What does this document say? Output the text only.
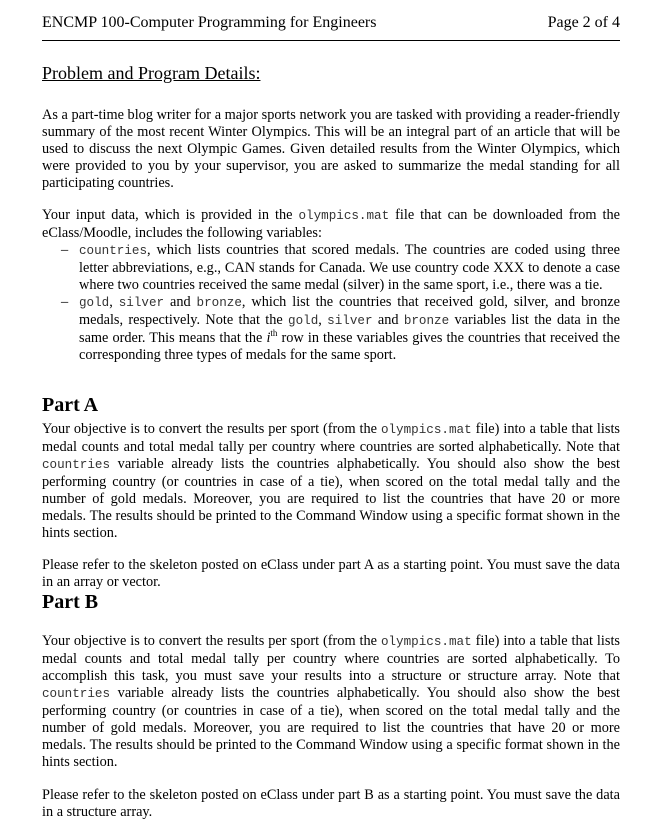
ENCMP 100-Computer Programming for Engineers	Page 2 of 4
Problem and Program Details:

As a part-time blog writer for a major sports network you are tasked with providing a reader-friendly summary of the most recent Winter Olympics. This will be an integral part of an article that will be used to discuss the next Olympic Games. Given detailed results from the Winter Olympics, which were provided to you by your supervisor, you are asked to summarize the medal standing for all participating countries.

Your input data, which is provided in the olympics.mat file that can be downloaded from the eClass/Moodle, includes the following variables:

– countries, which lists countries that scored medals. The countries are coded using three letter abbreviations, e.g., CAN stands for Canada. We use country code XXX to denote a case where two countries received the same medal (silver) in the same sport, i.e., there was a tie.
– gold, silver and bronze, which list the countries that received gold, silver, and bronze medals, respectively. Note that the gold, silver and bronze variables list the data in the same order. This means that the $i^{th}$ row in these variables gives the countries that received the corresponding three types of medals for the same sport.
Part A

Your objective is to convert the results per sport (from the olympics.mat file) into a table that lists medal counts and total medal tally per country where countries are sorted alphabetically. Note that countries variable already lists the countries alphabetically. You should also show the best performing country (or countries in case of a tie), when scored on the total medal tally and the number of gold medals. Moreover, you are required to list the countries that have 20 or more medals. The results should be printed to the Command Window using a specific format shown in the hints section.

Please refer to the skeleton posted on eClass under part A as a starting point. You must save the data in an array or vector.

Part B

Your objective is to convert the results per sport (from the olympics.mat file) into a table that lists medal counts and total medal tally per country where countries are sorted alphabetically. To accomplish this task, you must save your results into a structure or structure array. Note that countries variable already lists the countries alphabetically. You should also show the best performing country (or countries in case of a tie), when scored on the total medal tally and the number of gold medals. Moreover, you are required to list the countries that have 20 or more medals. The results should be printed to the Command Window using a specific format shown in the hints section.

Please refer to the skeleton posted on eClass under part B as a starting point. You must save the data in a structure array.
